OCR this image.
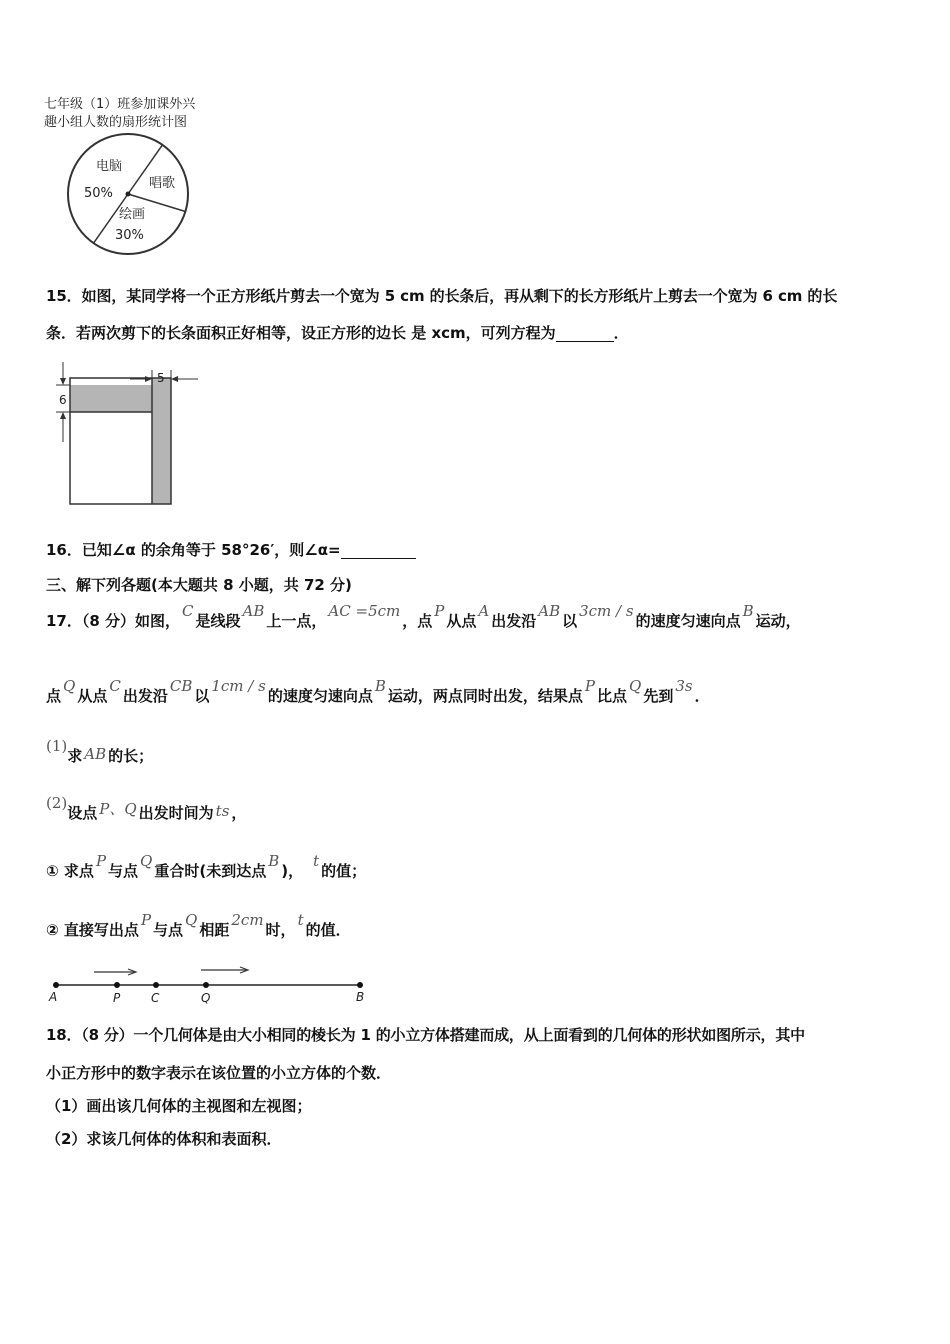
七年级（1）班参加课外兴
趣小组人数的扇形统计图
电脑
50%
绘画
30%
唱歌
15．如图，某同学将一个正方形纸片剪去一个宽为 5 cm 的长条后，再从剩下的长方形纸片上剪去一个宽为 6 cm 的长
条．若两次剪下的长条面积正好相等，设正方形的边长 是 xcm，可列方程为	．
6
5
16．已知∠α 的余角等于 58°26′，则∠α=
三、解下列各题(本大题共 8 小题，共 72 分)
17．（8 分）如图，C是线段AB上一点，AC =5cm，点P从点A出发沿AB以3cm / s的速度匀速向点B运动，
点Q从点C出发沿CB以1cm / s的速度匀速向点B运动，两点同时出发，结果点P比点Q先到3s．
(1)求 AB 的长；
(2)设点 P、Q 出发时间为 ts ，
① 求点P与点Q重合时(未到达点B)，t的值；
② 直接写出点P与点Q相距2cm时，t的值．
A	P	C	Q	B
18．（8 分）一个几何体是由大小相同的棱长为 1 的小立方体搭建而成，从上面看到的几何体的形状如图所示，其中
小正方形中的数字表示在该位置的小立方体的个数．
（1）画出该几何体的主视图和左视图；
（2）求该几何体的体积和表面积．
